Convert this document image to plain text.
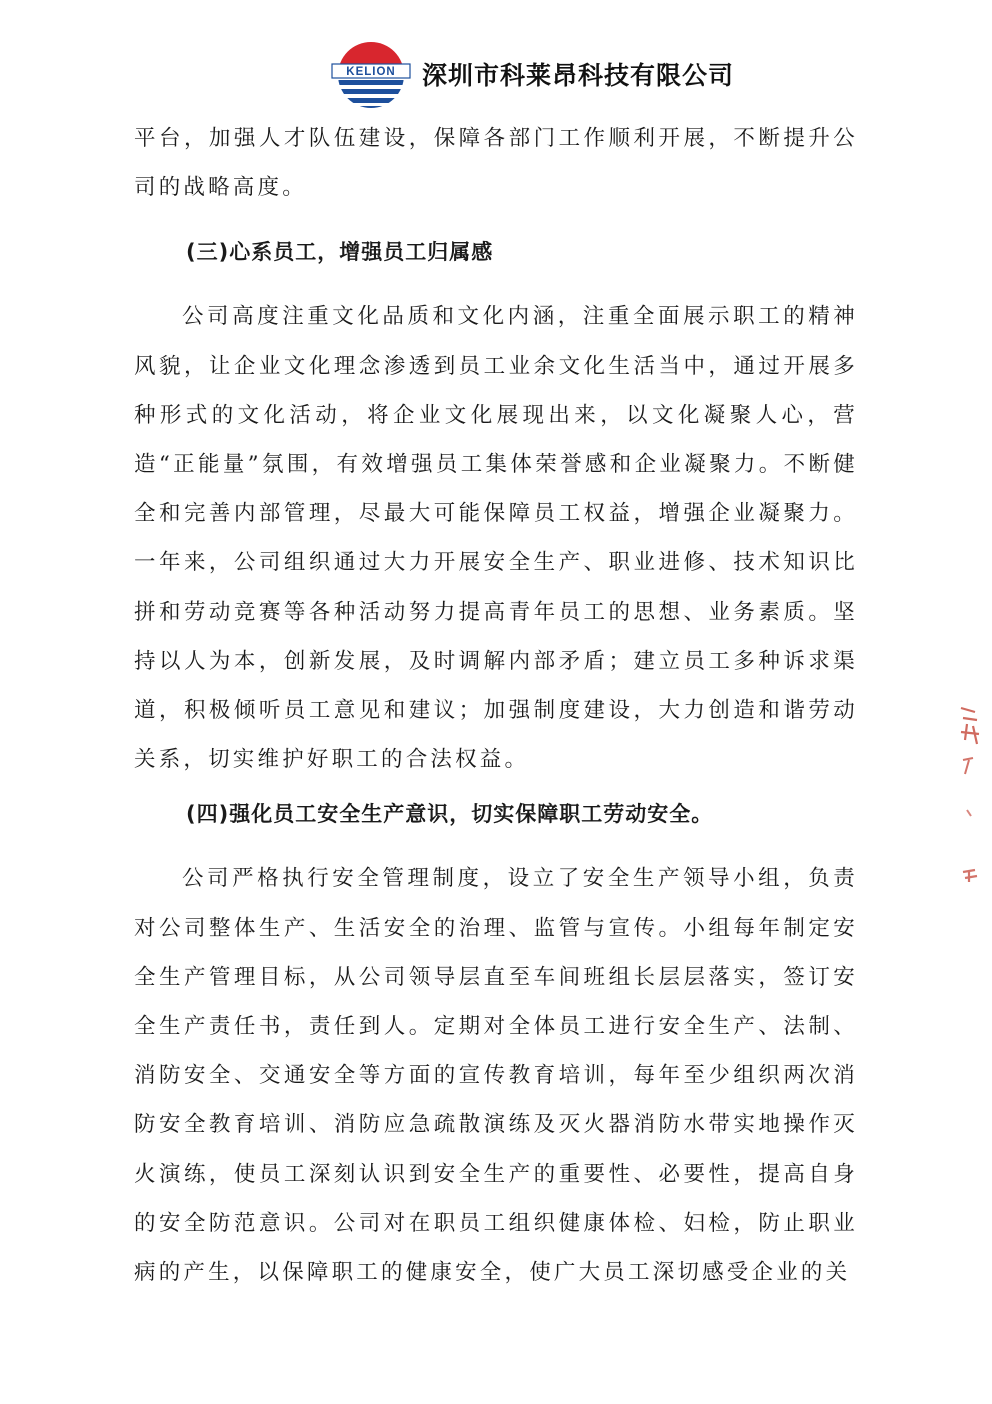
KELION 深圳市科莱昂科技有限公司

平台，加强人才队伍建设，保障各部门工作顺利开展，不断提升公司的战略高度。

(三)心系员工，增强员工归属感

公司高度注重文化品质和文化内涵，注重全面展示职工的精神风貌，让企业文化理念渗透到员工业余文化生活当中，通过开展多种形式的文化活动，将企业文化展现出来，以文化凝聚人心，营造“正能量”氛围，有效增强员工集体荣誉感和企业凝聚力。不断健全和完善内部管理，尽最大可能保障员工权益，增强企业凝聚力。一年来，公司组织通过大力开展安全生产、职业进修、技术知识比拼和劳动竞赛等各种活动努力提高青年员工的思想、业务素质。坚持以人为本，创新发展，及时调解内部矛盾；建立员工多种诉求渠道，积极倾听员工意见和建议；加强制度建设，大力创造和谐劳动关系，切实维护好职工的合法权益。

(四)强化员工安全生产意识，切实保障职工劳动安全。

公司严格执行安全管理制度，设立了安全生产领导小组，负责对公司整体生产、生活安全的治理、监管与宣传。小组每年制定安全生产管理目标，从公司领导层直至车间班组长层层落实，签订安全生产责任书，责任到人。定期对全体员工进行安全生产、法制、消防安全、交通安全等方面的宣传教育培训，每年至少组织两次消防安全教育培训、消防应急疏散演练及灭火器消防水带实地操作灭火演练，使员工深刻认识到安全生产的重要性、必要性，提高自身的安全防范意识。公司对在职员工组织健康体检、妇检，防止职业病的产生，以保障职工的健康安全，使广大员工深切感受企业的关
